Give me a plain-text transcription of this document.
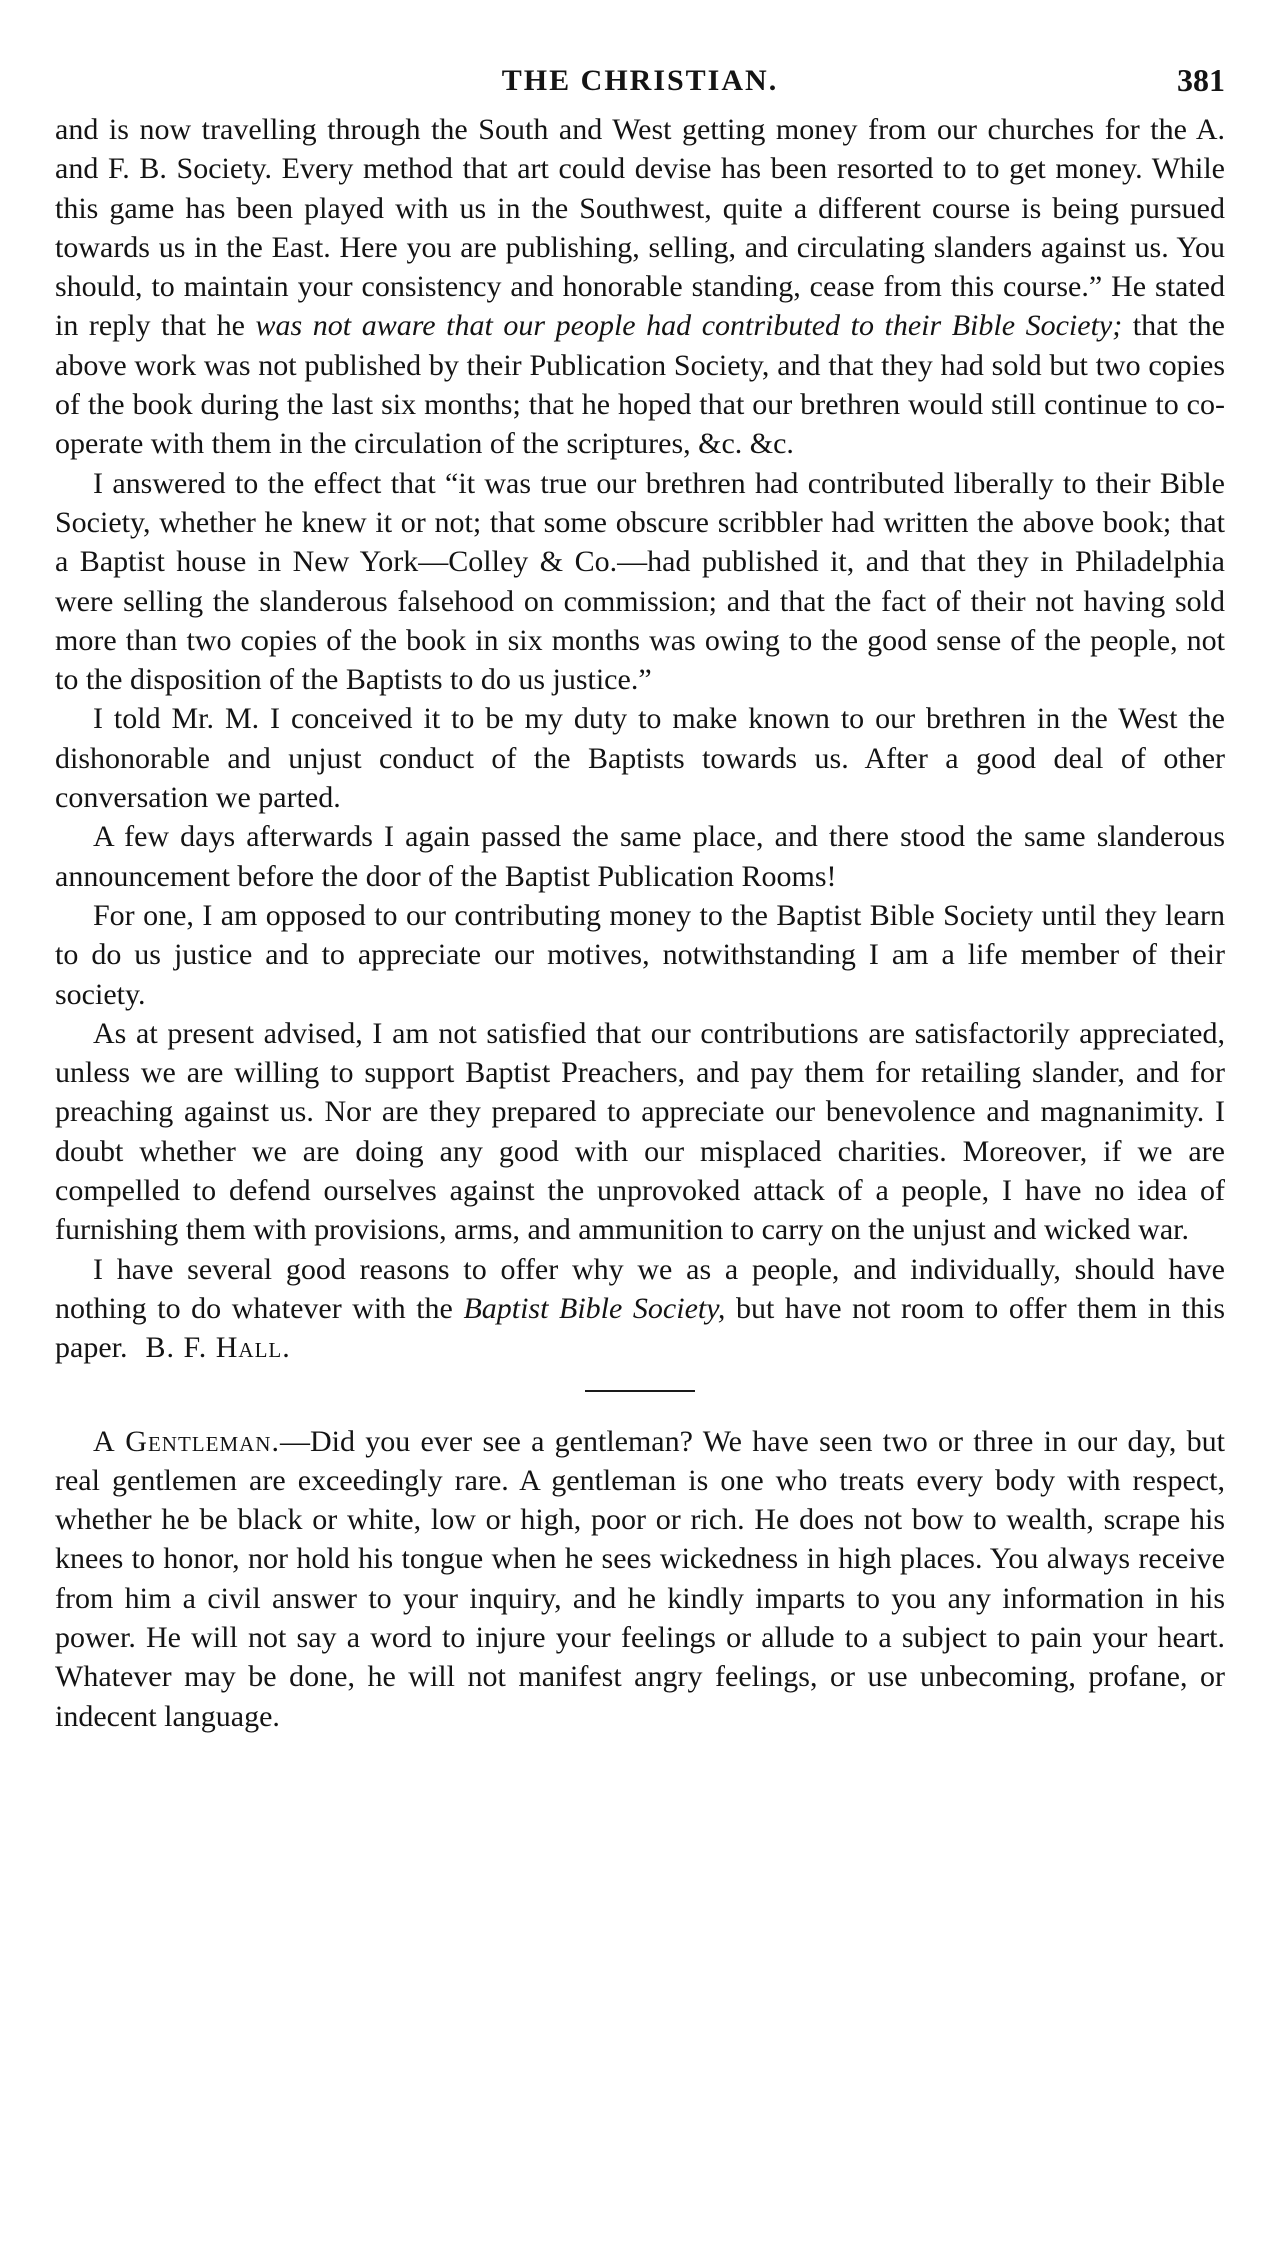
THE CHRISTIAN.	381

and is now travelling through the South and West getting money from our churches for the A. and F. B. Society. Every method that art could devise has been resorted to to get money. While this game has been played with us in the Southwest, quite a different course is being pursued towards us in the East. Here you are publishing, selling, and circulating slanders against us. You should, to maintain your consistency and honorable standing, cease from this course.” He stated in reply that he was not aware that our people had contributed to their Bible Society; that the above work was not published by their Publication Society, and that they had sold but two copies of the book during the last six months; that he hoped that our brethren would still continue to co-operate with them in the circulation of the scriptures, &c. &c.

I answered to the effect that “it was true our brethren had contributed liberally to their Bible Society, whether he knew it or not; that some obscure scribbler had written the above book; that a Baptist house in New York—Colley & Co.—had published it, and that they in Philadelphia were selling the slanderous falsehood on commission; and that the fact of their not having sold more than two copies of the book in six months was owing to the good sense of the people, not to the disposition of the Baptists to do us justice.”

I told Mr. M. I conceived it to be my duty to make known to our brethren in the West the dishonorable and unjust conduct of the Baptists towards us. After a good deal of other conversation we parted.

A few days afterwards I again passed the same place, and there stood the same slanderous announcement before the door of the Baptist Publication Rooms!

For one, I am opposed to our contributing money to the Baptist Bible Society until they learn to do us justice and to appreciate our motives, notwithstanding I am a life member of their society.

As at present advised, I am not satisfied that our contributions are satisfactorily appreciated, unless we are willing to support Baptist Preachers, and pay them for retailing slander, and for preaching against us. Nor are they prepared to appreciate our benevolence and magnanimity. I doubt whether we are doing any good with our misplaced charities. Moreover, if we are compelled to defend ourselves against the unprovoked attack of a people, I have no idea of furnishing them with provisions, arms, and ammunition to carry on the unjust and wicked war.

I have several good reasons to offer why we as a people, and individually, should have nothing to do whatever with the Baptist Bible Society, but have not room to offer them in this paper. B. F. Hall.

A Gentleman.—Did you ever see a gentleman? We have seen two or three in our day, but real gentlemen are exceedingly rare. A gentleman is one who treats every body with respect, whether he be black or white, low or high, poor or rich. He does not bow to wealth, scrape his knees to honor, nor hold his tongue when he sees wickedness in high places. You always receive from him a civil answer to your inquiry, and he kindly imparts to you any information in his power. He will not say a word to injure your feelings or allude to a subject to pain your heart. Whatever may be done, he will not manifest angry feelings, or use unbecoming, profane, or indecent language.
